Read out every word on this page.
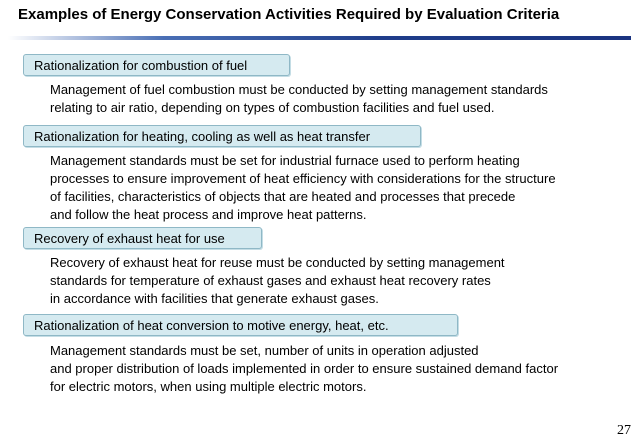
Examples of Energy Conservation Activities Required by Evaluation Criteria
Rationalization for combustion of fuel
Management of fuel combustion must be conducted by setting management standards
relating to air ratio, depending on types of combustion facilities and fuel used.
Rationalization for heating, cooling as well as heat transfer
Management standards must be set for industrial furnace used to perform heating
processes to ensure improvement of heat efficiency with considerations for the structure
of facilities, characteristics of objects that are heated and processes that precede
and follow the heat process and improve heat patterns.
Recovery of exhaust heat for use
Recovery of exhaust heat for reuse must be conducted by setting management
standards for temperature of exhaust gases and exhaust heat recovery rates
in accordance with facilities that generate exhaust gases.
Rationalization of heat conversion to motive energy, heat, etc.
Management standards must be set, number of units in operation adjusted
and proper distribution of loads implemented in order to ensure sustained demand factor
for electric motors, when using multiple electric motors.
27
